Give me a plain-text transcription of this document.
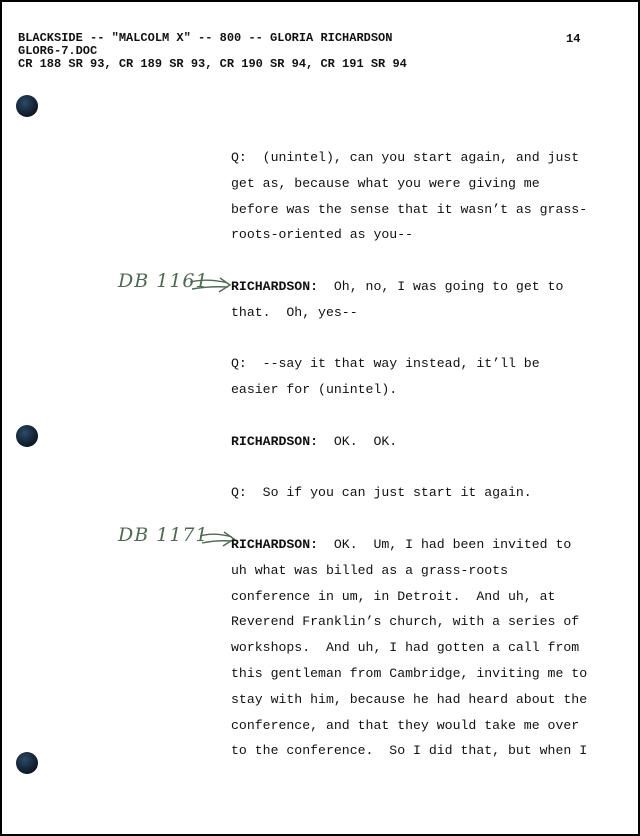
BLACKSIDE -- "MALCOLM X" -- 800 -- GLORIA RICHARDSON
GLOR6-7.DOC
CR 188 SR 93, CR 189 SR 93, CR 190 SR 94, CR 191 SR 94
14
DB 1161
DB 1171
Q:  (unintel), can you start again, and just
get as, because what you were giving me
before was the sense that it wasn’t as grass-
roots-oriented as you--
RICHARDSON:  Oh, no, I was going to get to
that.  Oh, yes--
Q:  --say it that way instead, it’ll be
easier for (unintel).
RICHARDSON:  OK.  OK.
Q:  So if you can just start it again.
RICHARDSON:  OK.  Um, I had been invited to
uh what was billed as a grass-roots
conference in um, in Detroit.  And uh, at
Reverend Franklin’s church, with a series of
workshops.  And uh, I had gotten a call from
this gentleman from Cambridge, inviting me to
stay with him, because he had heard about the
conference, and that they would take me over
to the conference.  So I did that, but when I
